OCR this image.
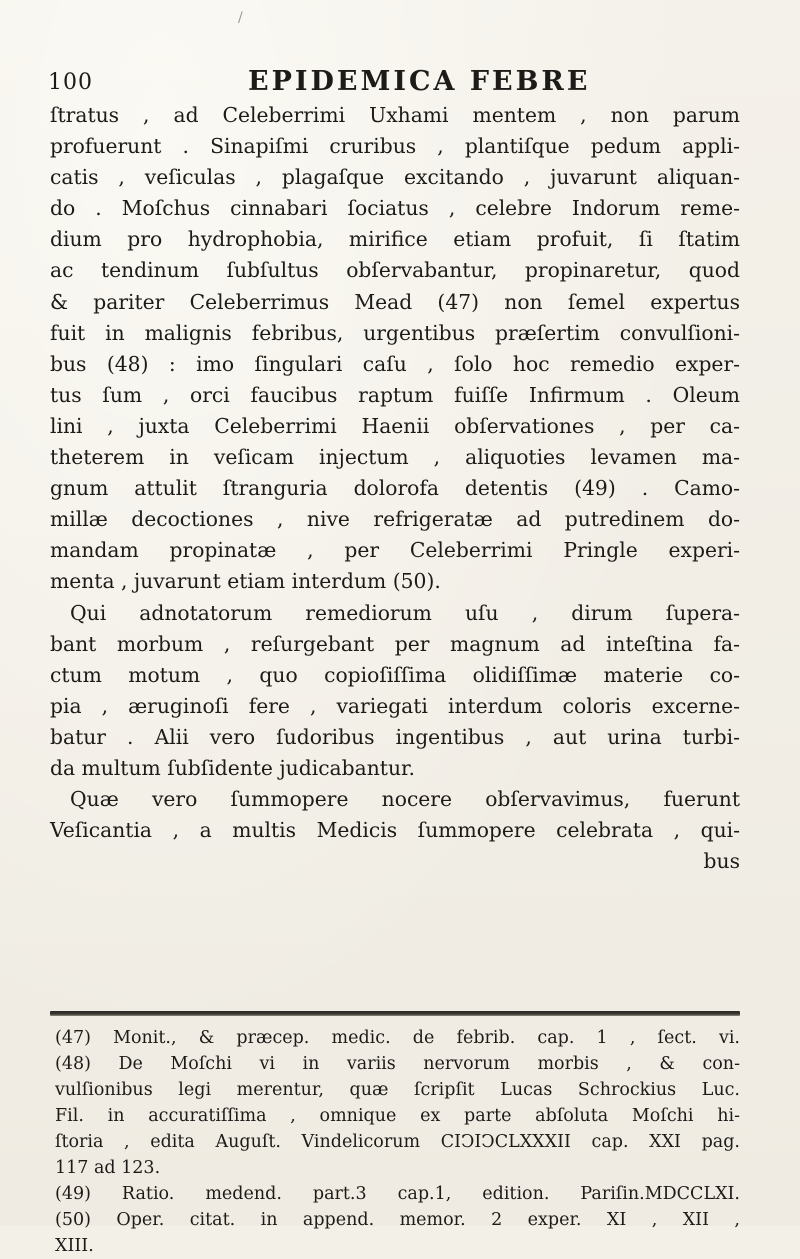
/
100	EPIDEMICA FEBRE

ſtratus , ad Celeberrimi Uxhami mentem , non parum

profuerunt . Sinapiſmi cruribus , plantiſque pedum appli-

catis , veſiculas , plagaſque excitando , juvarunt aliquan-

do . Moſchus cinnabari ſociatus , celebre Indorum reme-

dium pro hydrophobia, mirifice etiam profuit, ſi ſtatim

ac tendinum ſubſultus obſervabantur, propinaretur, quod

& pariter Celeberrimus Mead (47) non ſemel expertus

fuit in malignis febribus, urgentibus præſertim convulſioni-

bus (48) : imo ſingulari caſu , ſolo hoc remedio exper-

tus ſum , orci faucibus raptum fuiſſe Infirmum . Oleum

lini , juxta Celeberrimi Haenii obſervationes , per ca-

theterem in veſicam injectum , aliquoties levamen ma-

gnum attulit ſtranguria dolorofa detentis (49) . Camo-

millæ decoctiones , nive refrigeratæ ad putredinem do-

mandam propinatæ , per Celeberrimi Pringle experi-

menta , juvarunt etiam interdum (50).

Qui adnotatorum remediorum uſu , dirum ſupera-

bant morbum , reſurgebant per magnum ad inteſtina fa-

ctum motum , quo copioſiſſima olidiſſimæ materie co-

pia , æruginoſi fere , variegati interdum coloris excerne-

batur . Alii vero ſudoribus ingentibus , aut urina turbi-

da multum ſubſidente judicabantur.

Quæ vero ſummopere nocere obſervavimus, fuerunt

Veſicantia , a multis Medicis ſummopere celebrata , qui-

bus

(47) Monit., & præcep. medic. de febrib. cap. 1 , ſect. vi.

(48) De Moſchi vi in variis nervorum morbis , & con-

vulſionibus legi merentur, quæ ſcripſit Lucas Schrockius Luc.

Fil. in accuratiſſima , omnique ex parte abſoluta Moſchi hi-

ſtoria , edita Auguſt. Vindelicorum CIↃIↃCLXXXII cap. XXI pag.

117 ad 123.

(49) Ratio. medend. part.3 cap.1, edition. Pariſin.MDCCLXI.

(50) Oper. citat. in append. memor. 2 exper. XI , XII ,

XIII.
